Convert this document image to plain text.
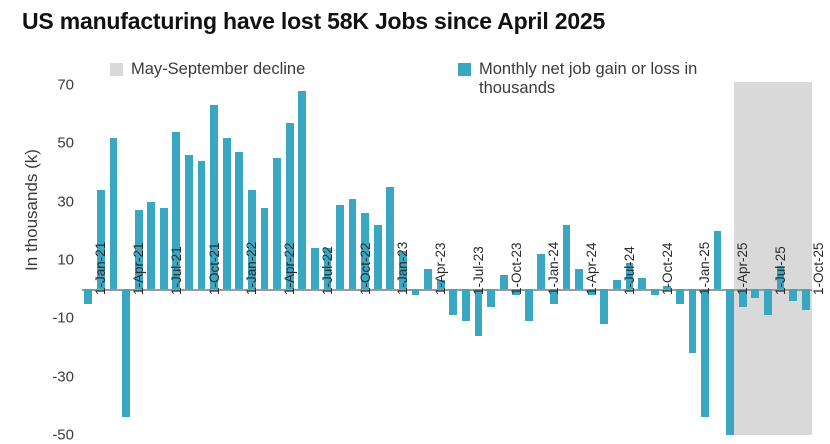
US manufacturing have lost 58K Jobs since April 2025
May-September decline	Monthly net job gain or loss in thousands
In thousands (k)
70
50
30
10
-10
-30
-50
1-Jan-21 1-Apr-21 1-Jul-21 1-Oct-21 1-Jan-22 1-Apr-22 1-Jul-22 1-Oct-22 1-Jan-23 1-Apr-23 1-Jul-23 1-Oct-23 1-Jan-24 1-Apr-24 1-Jul-24 1-Oct-24 1-Jan-25 1-Apr-25 1-Jul-25 1-Oct-25
